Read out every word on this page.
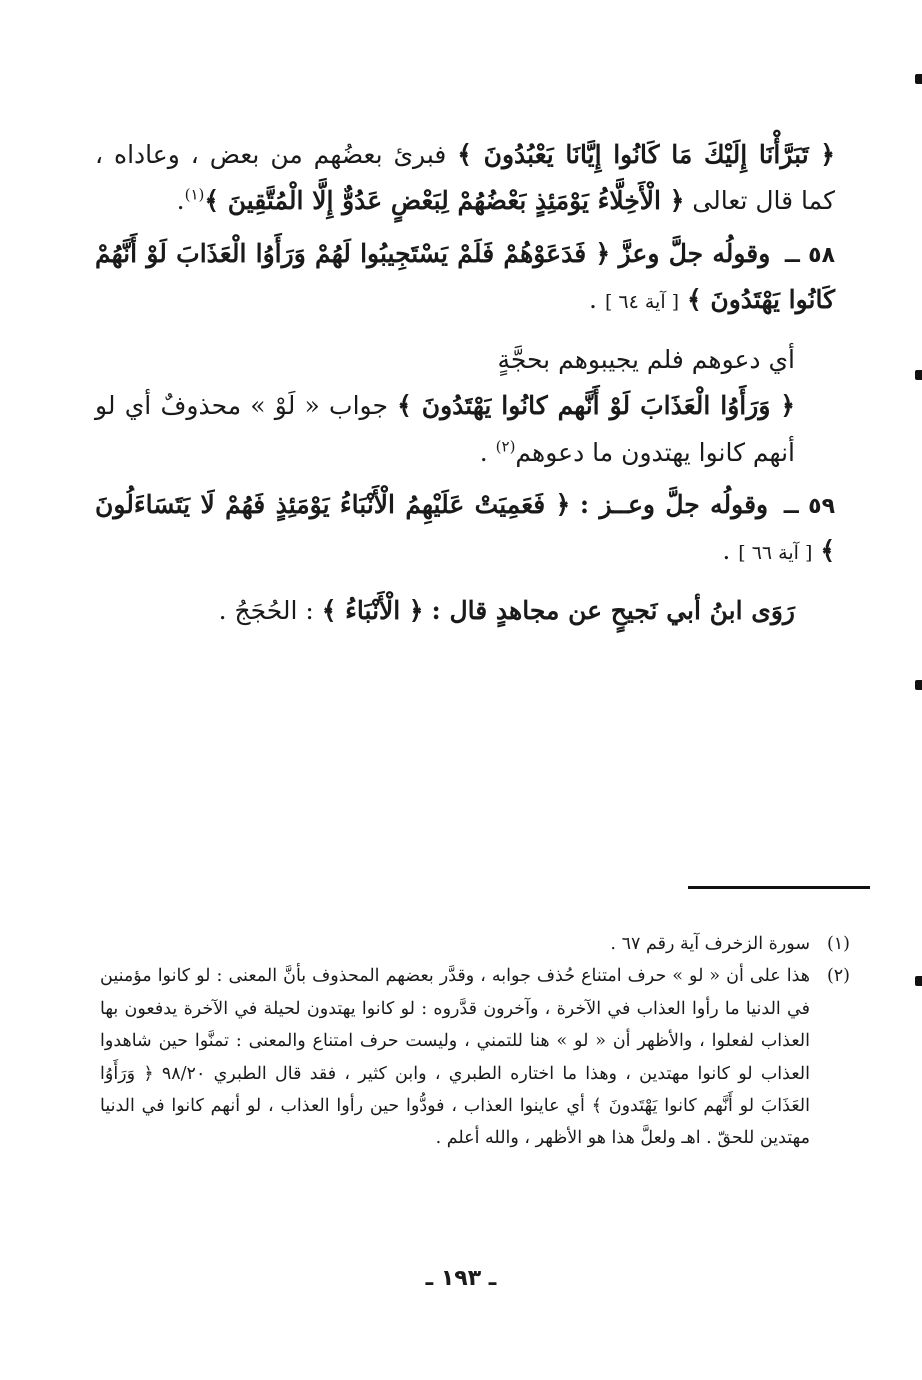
﴿ تَبَرَّأْنَا إِلَيْكَ مَا كَانُوا إِيَّانَا يَعْبُدُونَ ﴾ فبرئ بعضُهم من بعض ، وعاداه ، كما قال تعالى ﴿ الْأَخِلَّاءُ يَوْمَئِذٍ بَعْضُهُمْ لِبَعْضٍ عَدُوٌّ إِلَّا الْمُتَّقِينَ ﴾$^{(١)}$.

٥٨ ــ وقولُه جلَّ وعزَّ ﴿ فَدَعَوْهُمْ فَلَمْ يَسْتَجِيبُوا لَهُمْ وَرَأَوُا الْعَذَابَ لَوْ أَنَّهُمْ كَانُوا يَهْتَدُونَ ﴾ [ آية ٦٤ ] .

أي دعوهم فلم يجيبوهم بحجَّةٍ

﴿ وَرَأَوُا الْعَذَابَ لَوْ أَنَّهم كانُوا يَهْتَدُونَ ﴾ جواب « لَوْ » محذوفٌ أي لو أنهم كانوا يهتدون ما دعوهم$^{(٢)}$ .

٥٩ ــ وقولُه جلَّ وعــز : ﴿ فَعَمِيَتْ عَلَيْهِمُ الْأَنْبَاءُ يَوْمَئِذٍ فَهُمْ لَا يَتَسَاءَلُونَ ﴾ [ آية ٦٦ ] .

رَوَى ابنُ أبي نَجيحٍ عن مجاهدٍ قال : ﴿ الْأَنْبَاءُ ﴾ : الحُجَجُ .

(١)
سورة الزخرف آية رقم ٦٧ .
(٢)
هذا على أن « لو » حرف امتناع حُذف جوابه ، وقدَّر بعضهم المحذوف بأنَّ المعنى : لو كانوا مؤمنين في الدنيا ما رأوا العذاب في الآخرة ، وآخرون قدَّروه : لو كانوا يهتدون لحيلة في الآخرة يدفعون بها العذاب لفعلوا ، والأظهر أن « لو » هنا للتمني ، وليست حرف امتناع والمعنى : تمنَّوا حين شاهدوا العذاب لو كانوا مهتدين ، وهذا ما اختاره الطبري ، وابن كثير ، فقد قال الطبري ٩٨/٢٠ ﴿ وَرَأَوُا العَذَابَ لو أَنَّهم كانوا يَهْتَدونَ ﴾ أي عاينوا العذاب ، فودُّوا حين رأوا العذاب ، لو أنهم كانوا في الدنيا مهتدين للحقّ . اهـ ولعلَّ هذا هو الأظهر ، والله أعلم .
ـ ١٩٣ ـ
